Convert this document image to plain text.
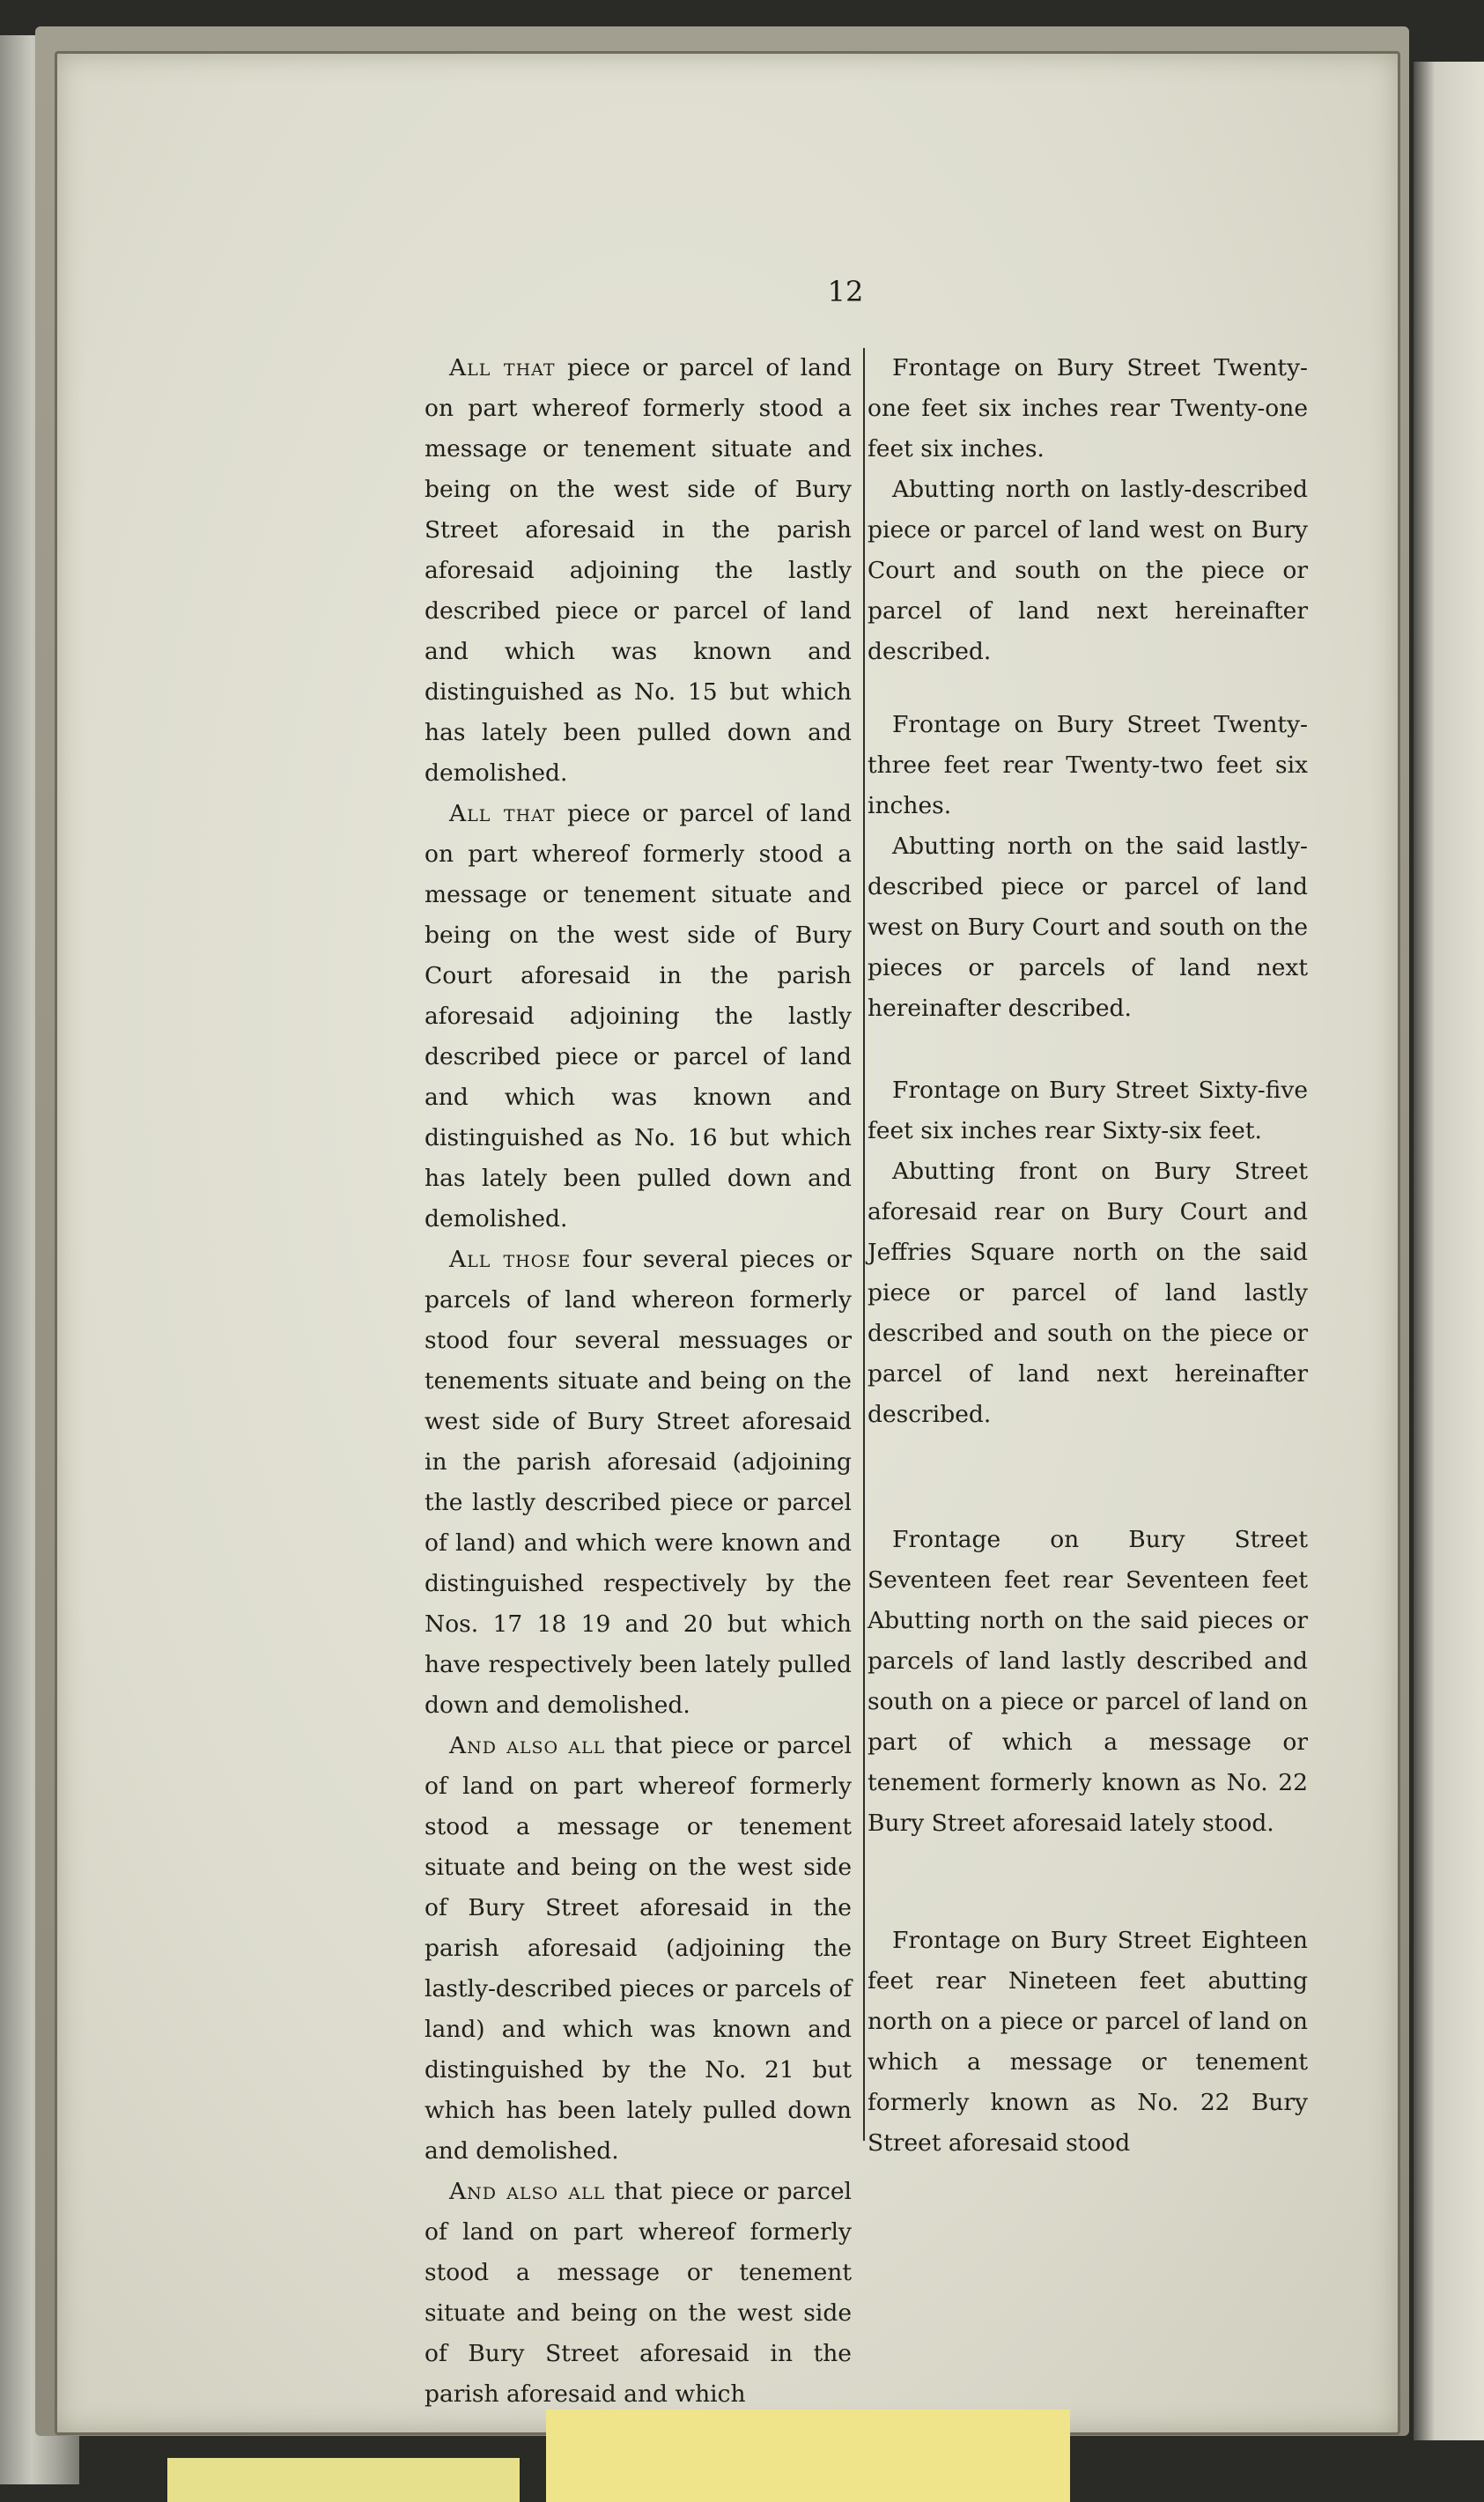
12

All that piece or parcel of land on part whereof formerly stood a message or tenement situate and being on the west side of Bury Street aforesaid in the parish aforesaid adjoining the lastly described piece or parcel of land and which was known and distinguished as No. 15 but which has lately been pulled down and demolished.

All that piece or parcel of land on part whereof formerly stood a message or tenement situate and being on the west side of Bury Court aforesaid in the parish aforesaid adjoining the lastly described piece or parcel of land and which was known and distinguished as No. 16 but which has lately been pulled down and demolished.

All those four several pieces or parcels of land whereon formerly stood four several messuages or tenements situate and being on the west side of Bury Street aforesaid in the parish aforesaid (adjoining the lastly described piece or parcel of land) and which were known and distinguished respectively by the Nos. 17 18 19 and 20 but which have respectively been lately pulled down and demolished.

And also all that piece or parcel of land on part whereof formerly stood a message or tenement situate and being on the west side of Bury Street aforesaid in the parish aforesaid (adjoining the lastly-described pieces or parcels of land) and which was known and distinguished by the No. 21 but which has been lately pulled down and demolished.

And also all that piece or parcel of land on part whereof formerly stood a message or tenement situate and being on the west side of Bury Street aforesaid in the parish aforesaid and which

Frontage on Bury Street Twenty-one feet six inches rear Twenty-one feet six inches.

Abutting north on lastly-described piece or parcel of land west on Bury Court and south on the piece or parcel of land next hereinafter described.

Frontage on Bury Street Twenty-three feet rear Twenty-two feet six inches.

Abutting north on the said lastly-described piece or parcel of land west on Bury Court and south on the pieces or parcels of land next hereinafter described.

Frontage on Bury Street Sixty-five feet six inches rear Sixty-six feet.

Abutting front on Bury Street aforesaid rear on Bury Court and Jeffries Square north on the said piece or parcel of land lastly described and south on the piece or parcel of land next hereinafter described.

Frontage on Bury Street Seventeen feet rear Seventeen feet Abutting north on the said pieces or parcels of land lastly described and south on a piece or parcel of land on part of which a message or tenement formerly known as No. 22 Bury Street aforesaid lately stood.

Frontage on Bury Street Eighteen feet rear Nineteen feet abutting north on a piece or parcel of land on which a message or tenement formerly known as No. 22 Bury Street aforesaid stood
